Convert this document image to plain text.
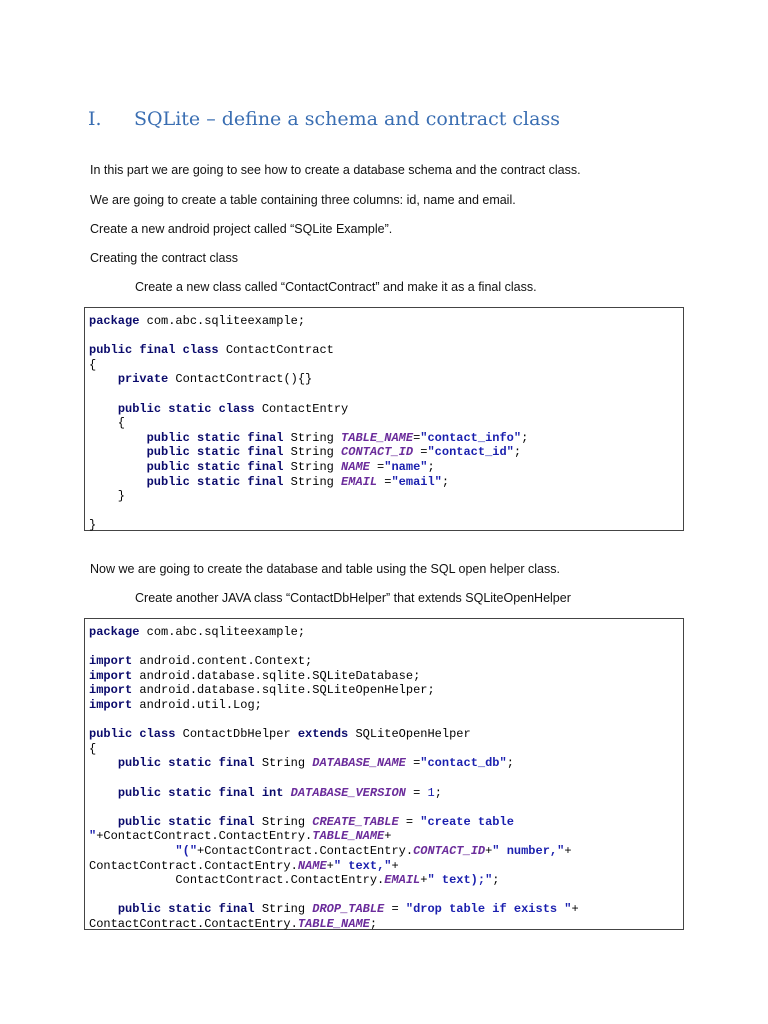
I. SQLite – define a schema and contract class

In this part we are going to see how to create a database schema and the contract class.

We are going to create a table containing three columns: id, name and email.

Create a new android project called “SQLite Example”.

Creating the contract class

Create a new class called “ContactContract” and make it as a final class.

package com.abc.sqliteexample;
public final class ContactContract
{
private ContactContract(){}
public static class ContactEntry
{
public static final String TABLE_NAME="contact_info";
public static final String CONTACT_ID ="contact_id";
public static final String NAME ="name";
public static final String EMAIL ="email";
}
}

Now we are going to create the database and table using the SQL open helper class.

Create another JAVA class “ContactDbHelper” that extends SQLiteOpenHelper

package com.abc.sqliteexample;
import android.content.Context;
import android.database.sqlite.SQLiteDatabase;
import android.database.sqlite.SQLiteOpenHelper;
import android.util.Log;
public class ContactDbHelper extends SQLiteOpenHelper
{
public static final String DATABASE_NAME ="contact_db";
public static final int DATABASE_VERSION = 1;
public static final String CREATE_TABLE = "create table
"+ContactContract.ContactEntry.TABLE_NAME+
"("+ContactContract.ContactEntry.CONTACT_ID+" number,"+
ContactContract.ContactEntry.NAME+" text,"+
ContactContract.ContactEntry.EMAIL+" text);";
public static final String DROP_TABLE = "drop table if exists "+
ContactContract.ContactEntry.TABLE_NAME;
